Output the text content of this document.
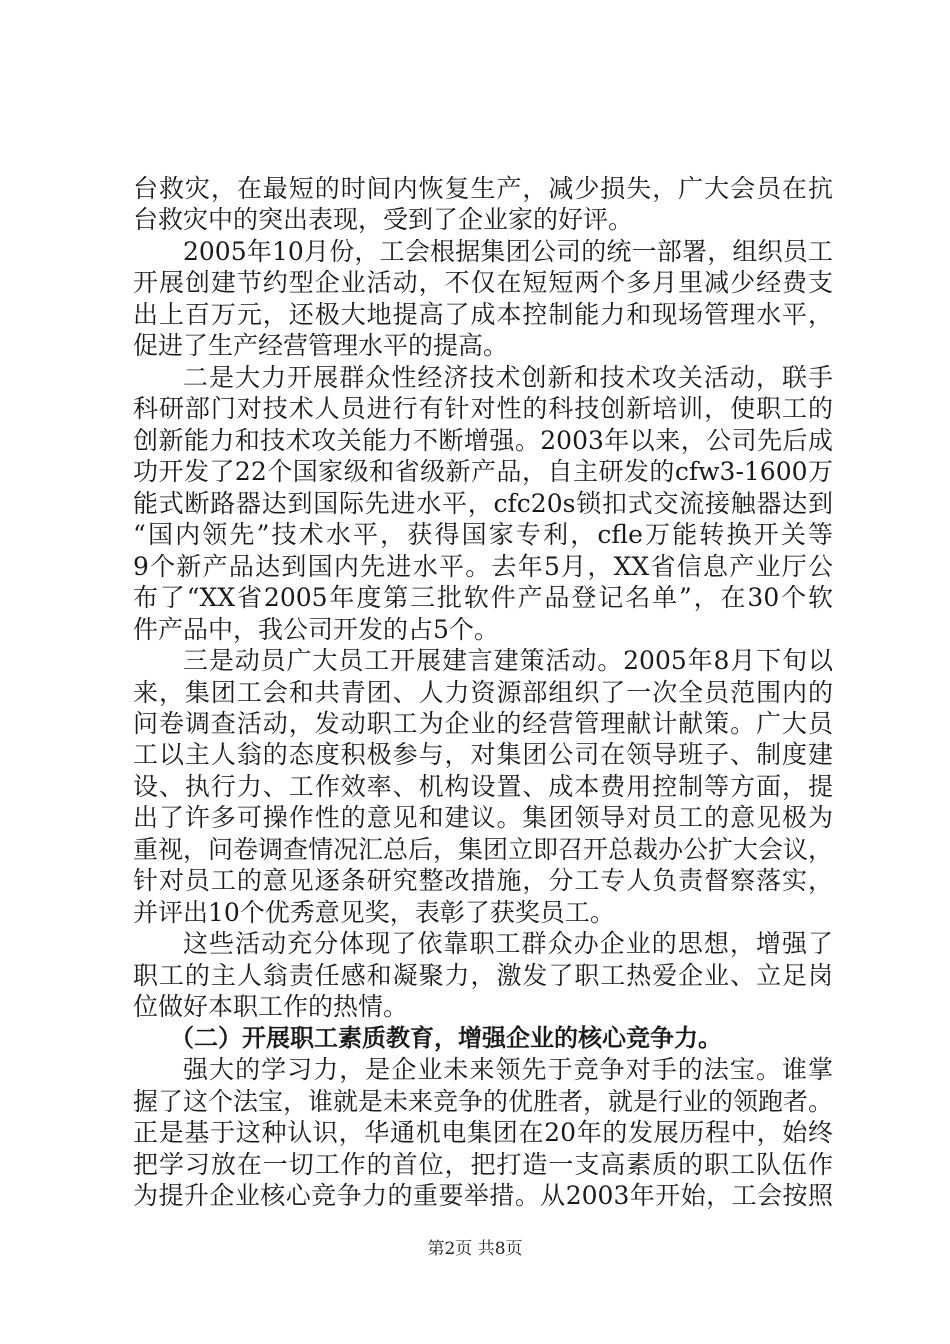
台救灾，在最短的时间内恢复生产，减少损失，广大会员在抗
台救灾中的突出表现，受到了企业家的好评。
2005年10月份，工会根据集团公司的统一部署，组织员工
开展创建节约型企业活动，不仅在短短两个多月里减少经费支
出上百万元，还极大地提高了成本控制能力和现场管理水平，
促进了生产经营管理水平的提高。
二是大力开展群众性经济技术创新和技术攻关活动，联手
科研部门对技术人员进行有针对性的科技创新培训，使职工的
创新能力和技术攻关能力不断增强。2003年以来，公司先后成
功开发了22个国家级和省级新产品，自主研发的cfw3-1600万
能式断路器达到国际先进水平，cfc20s锁扣式交流接触器达到
“国内领先”技术水平，获得国家专利，cfle万能转换开关等
9个新产品达到国内先进水平。去年5月，XX省信息产业厅公
布了“XX省2005年度第三批软件产品登记名单”，在30个软
件产品中，我公司开发的占5个。
三是动员广大员工开展建言建策活动。2005年8月下旬以
来，集团工会和共青团、人力资源部组织了一次全员范围内的
问卷调查活动，发动职工为企业的经营管理献计献策。广大员
工以主人翁的态度积极参与，对集团公司在领导班子、制度建
设、执行力、工作效率、机构设置、成本费用控制等方面，提
出了许多可操作性的意见和建议。集团领导对员工的意见极为
重视，问卷调查情况汇总后，集团立即召开总裁办公扩大会议，
针对员工的意见逐条研究整改措施，分工专人负责督察落实，
并评出10个优秀意见奖，表彰了获奖员工。
这些活动充分体现了依靠职工群众办企业的思想，增强了
职工的主人翁责任感和凝聚力，激发了职工热爱企业、立足岗
位做好本职工作的热情。
（二）开展职工素质教育，增强企业的核心竞争力。
强大的学习力，是企业未来领先于竞争对手的法宝。谁掌
握了这个法宝，谁就是未来竞争的优胜者，就是行业的领跑者。
正是基于这种认识，华通机电集团在20年的发展历程中，始终
把学习放在一切工作的首位，把打造一支高素质的职工队伍作
为提升企业核心竞争力的重要举措。从2003年开始，工会按照
第2页 共8页
